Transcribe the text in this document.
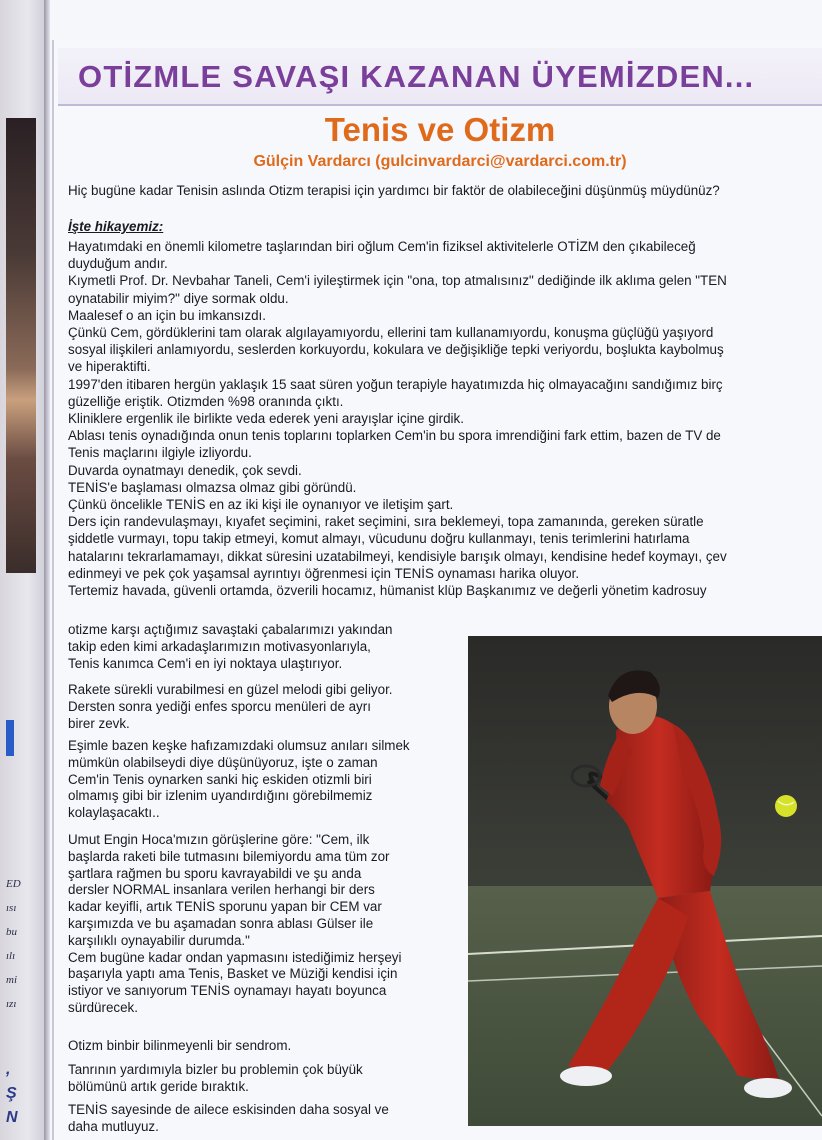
ED
ısı
bu
ılı
mi
ızı
,
Ş
N
OTİZMLE SAVAŞI KAZANAN ÜYEMİZDEN...
Tenis ve Otizm
Gülçin Vardarcı (gulcinvardarci@vardarci.com.tr)
Hiç bugüne kadar Tenisin aslında Otizm terapisi için yardımcı bir faktör de olabileceğini düşünmüş müydünüz?
İşte hikayemiz:
Hayatımdaki en önemli kilometre taşlarından biri oğlum Cem'in fiziksel aktivitelerle OTİZM den çıkabileceğ
duyduğum andır.
Kıymetli Prof. Dr. Nevbahar Taneli, Cem'i iyileştirmek için "ona, top atmalısınız" dediğinde ilk aklıma gelen "TEN
oynatabilir miyim?" diye sormak oldu.
Maalesef o an için bu imkansızdı.
Çünkü Cem, gördüklerini tam olarak algılayamıyordu, ellerini tam kullanamıyordu, konuşma güçlüğü yaşıyord
sosyal ilişkileri anlamıyordu, seslerden korkuyordu, kokulara ve değişikliğe tepki veriyordu, boşlukta kaybolmuş
ve hiperaktifti.
1997'den itibaren hergün yaklaşık 15 saat süren yoğun terapiyle hayatımızda hiç olmayacağını sandığımız birç
güzelliğe eriştik. Otizmden %98 oranında çıktı.
Kliniklere ergenlik ile birlikte veda ederek yeni arayışlar içine girdik.
Ablası tenis oynadığında onun tenis toplarını toplarken Cem'in bu spora imrendiğini fark ettim, bazen de TV de
Tenis maçlarını ilgiyle izliyordu.
Duvarda oynatmayı denedik, çok sevdi.
TENİS'e başlaması olmazsa olmaz gibi göründü.
Çünkü öncelikle TENİS en az iki kişi ile oynanıyor ve iletişim şart.
Ders için randevulaşmayı, kıyafet seçimini, raket seçimini, sıra beklemeyi, topa zamanında, gereken süratle
şiddetle vurmayı, topu takip etmeyi, komut almayı, vücudunu doğru kullanmayı, tenis terimlerini hatırlama
hatalarını tekrarlamamayı, dikkat süresini uzatabilmeyi, kendisiyle barışık olmayı, kendisine hedef koymayı, çev
edinmeyi ve pek çok yaşamsal ayrıntıyı öğrenmesi için TENİS oynaması harika oluyor.
Tertemiz havada, güvenli ortamda, özverili hocamız, hümanist klüp Başkanımız ve değerli yönetim kadrosuy
otizme karşı açtığımız savaştaki çabalarımızı yakından
takip eden kimi arkadaşlarımızın motivasyonlarıyla,
Tenis kanımca Cem'i en iyi noktaya ulaştırıyor.
Rakete sürekli vurabilmesi en güzel melodi gibi geliyor.
Dersten sonra yediği enfes sporcu menüleri de ayrı
birer zevk.
Eşimle bazen keşke hafızamızdaki olumsuz anıları silmek
mümkün olabilseydi diye düşünüyoruz, işte o zaman
Cem'in Tenis oynarken sanki hiç eskiden otizmli biri
olmamış gibi bir izlenim uyandırdığını görebilmemiz
kolaylaşacaktı..
Umut Engin Hoca'mızın görüşlerine göre: "Cem, ilk
başlarda raketi bile tutmasını bilemiyordu ama tüm zor
şartlara rağmen bu sporu kavrayabildi ve şu anda
dersler NORMAL insanlara verilen herhangi bir ders
kadar keyifli, artık TENİS sporunu yapan bir CEM var
karşımızda ve bu aşamadan sonra ablası Gülser ile
karşılıklı oynayabilir durumda."
Cem bugüne kadar ondan yapmasını istediğimiz herşeyi
başarıyla yaptı ama Tenis, Basket ve Müziği kendisi için
istiyor ve sanıyorum TENİS oynamayı hayatı boyunca
sürdürecek.
Otizm binbir bilinmeyenli bir sendrom.
Tanrının yardımıyla bizler bu problemin çok büyük
bölümünü artık geride bıraktık.
TENİS sayesinde de ailece eskisinden daha sosyal ve
daha mutluyuz.
